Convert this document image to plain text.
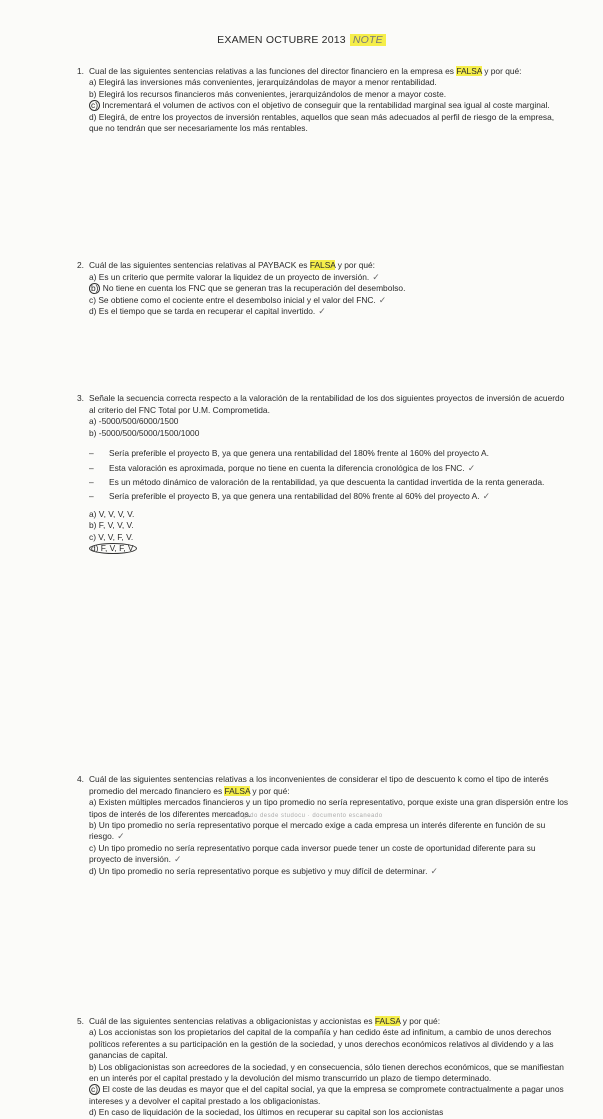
EXAMEN OCTUBRE 2013 NOTE
1. Cual de las siguientes sentencias relativas a las funciones del director financiero en la empresa es FALSA y por qué:
a) Elegirá las inversiones más convenientes, jerarquizándolas de mayor a menor rentabilidad.
b) Elegirá los recursos financieros más convenientes, jerarquizándolos de menor a mayor coste.
c) Incrementará el volumen de activos con el objetivo de conseguir que la rentabilidad marginal sea igual al coste marginal.
d) Elegirá, de entre los proyectos de inversión rentables, aquellos que sean más adecuados al perfil de riesgo de la empresa, que no tendrán que ser necesariamente los más rentables.
2. Cuál de las siguientes sentencias relativas al PAYBACK es FALSA y por qué:
a) Es un criterio que permite valorar la liquidez de un proyecto de inversión. ✓
b) No tiene en cuenta los FNC que se generan tras la recuperación del desembolso.
c) Se obtiene como el cociente entre el desembolso inicial y el valor del FNC. ✓
d) Es el tiempo que se tarda en recuperar el capital invertido. ✓
3. Señale la secuencia correcta respecto a la valoración de la rentabilidad de los dos siguientes proyectos de inversión de acuerdo al criterio del FNC Total por U.M. Comprometida.
a) -5000/500/6000/1500
b) -5000/500/5000/1500/1000
– Sería preferible el proyecto B, ya que genera una rentabilidad del 180% frente al 160% del proyecto A.
– Esta valoración es aproximada, porque no tiene en cuenta la diferencia cronológica de los FNC. ✓
– Es un método dinámico de valoración de la rentabilidad, ya que descuenta la cantidad invertida de la renta generada.
– Sería preferible el proyecto B, ya que genera una rentabilidad del 80% frente al 60% del proyecto A. ✓
a) V, V, V, V.
b) F, V, V, V.
c) V, V, F, V.
d) F, V, F, V.
4. Cuál de las siguientes sentencias relativas a los inconvenientes de considerar el tipo de descuento k como el tipo de interés promedio del mercado financiero es FALSA y por qué:
a) Existen múltiples mercados financieros y un tipo promedio no sería representativo, porque existe una gran dispersión entre los tipos de interés de los diferentes mercados.
b) Un tipo promedio no sería representativo porque el mercado exige a cada empresa un interés diferente en función de su riesgo. ✓
c) Un tipo promedio no sería representativo porque cada inversor puede tener un coste de oportunidad diferente para su proyecto de inversión. ✓
d) Un tipo promedio no sería representativo porque es subjetivo y muy difícil de determinar. ✓
5. Cuál de las siguientes sentencias relativas a obligacionistas y accionistas es FALSA y por qué:
a) Los accionistas son los propietarios del capital de la compañía y han cedido éste ad infinitum, a cambio de unos derechos políticos referentes a su participación en la gestión de la sociedad, y unos derechos económicos relativos al dividendo y a las ganancias de capital.
b) Los obligacionistas son acreedores de la sociedad, y en consecuencia, sólo tienen derechos económicos, que se manifiestan en un interés por el capital prestado y la devolución del mismo transcurrido un plazo de tiempo determinado.
c) El coste de las deudas es mayor que el del capital social, ya que la empresa se compromete contractualmente a pagar unos intereses y a devolver el capital prestado a los obligacionistas.
d) En caso de liquidación de la sociedad, los últimos en recuperar su capital son los accionistas
Descargado desde studocu · documento escaneado
